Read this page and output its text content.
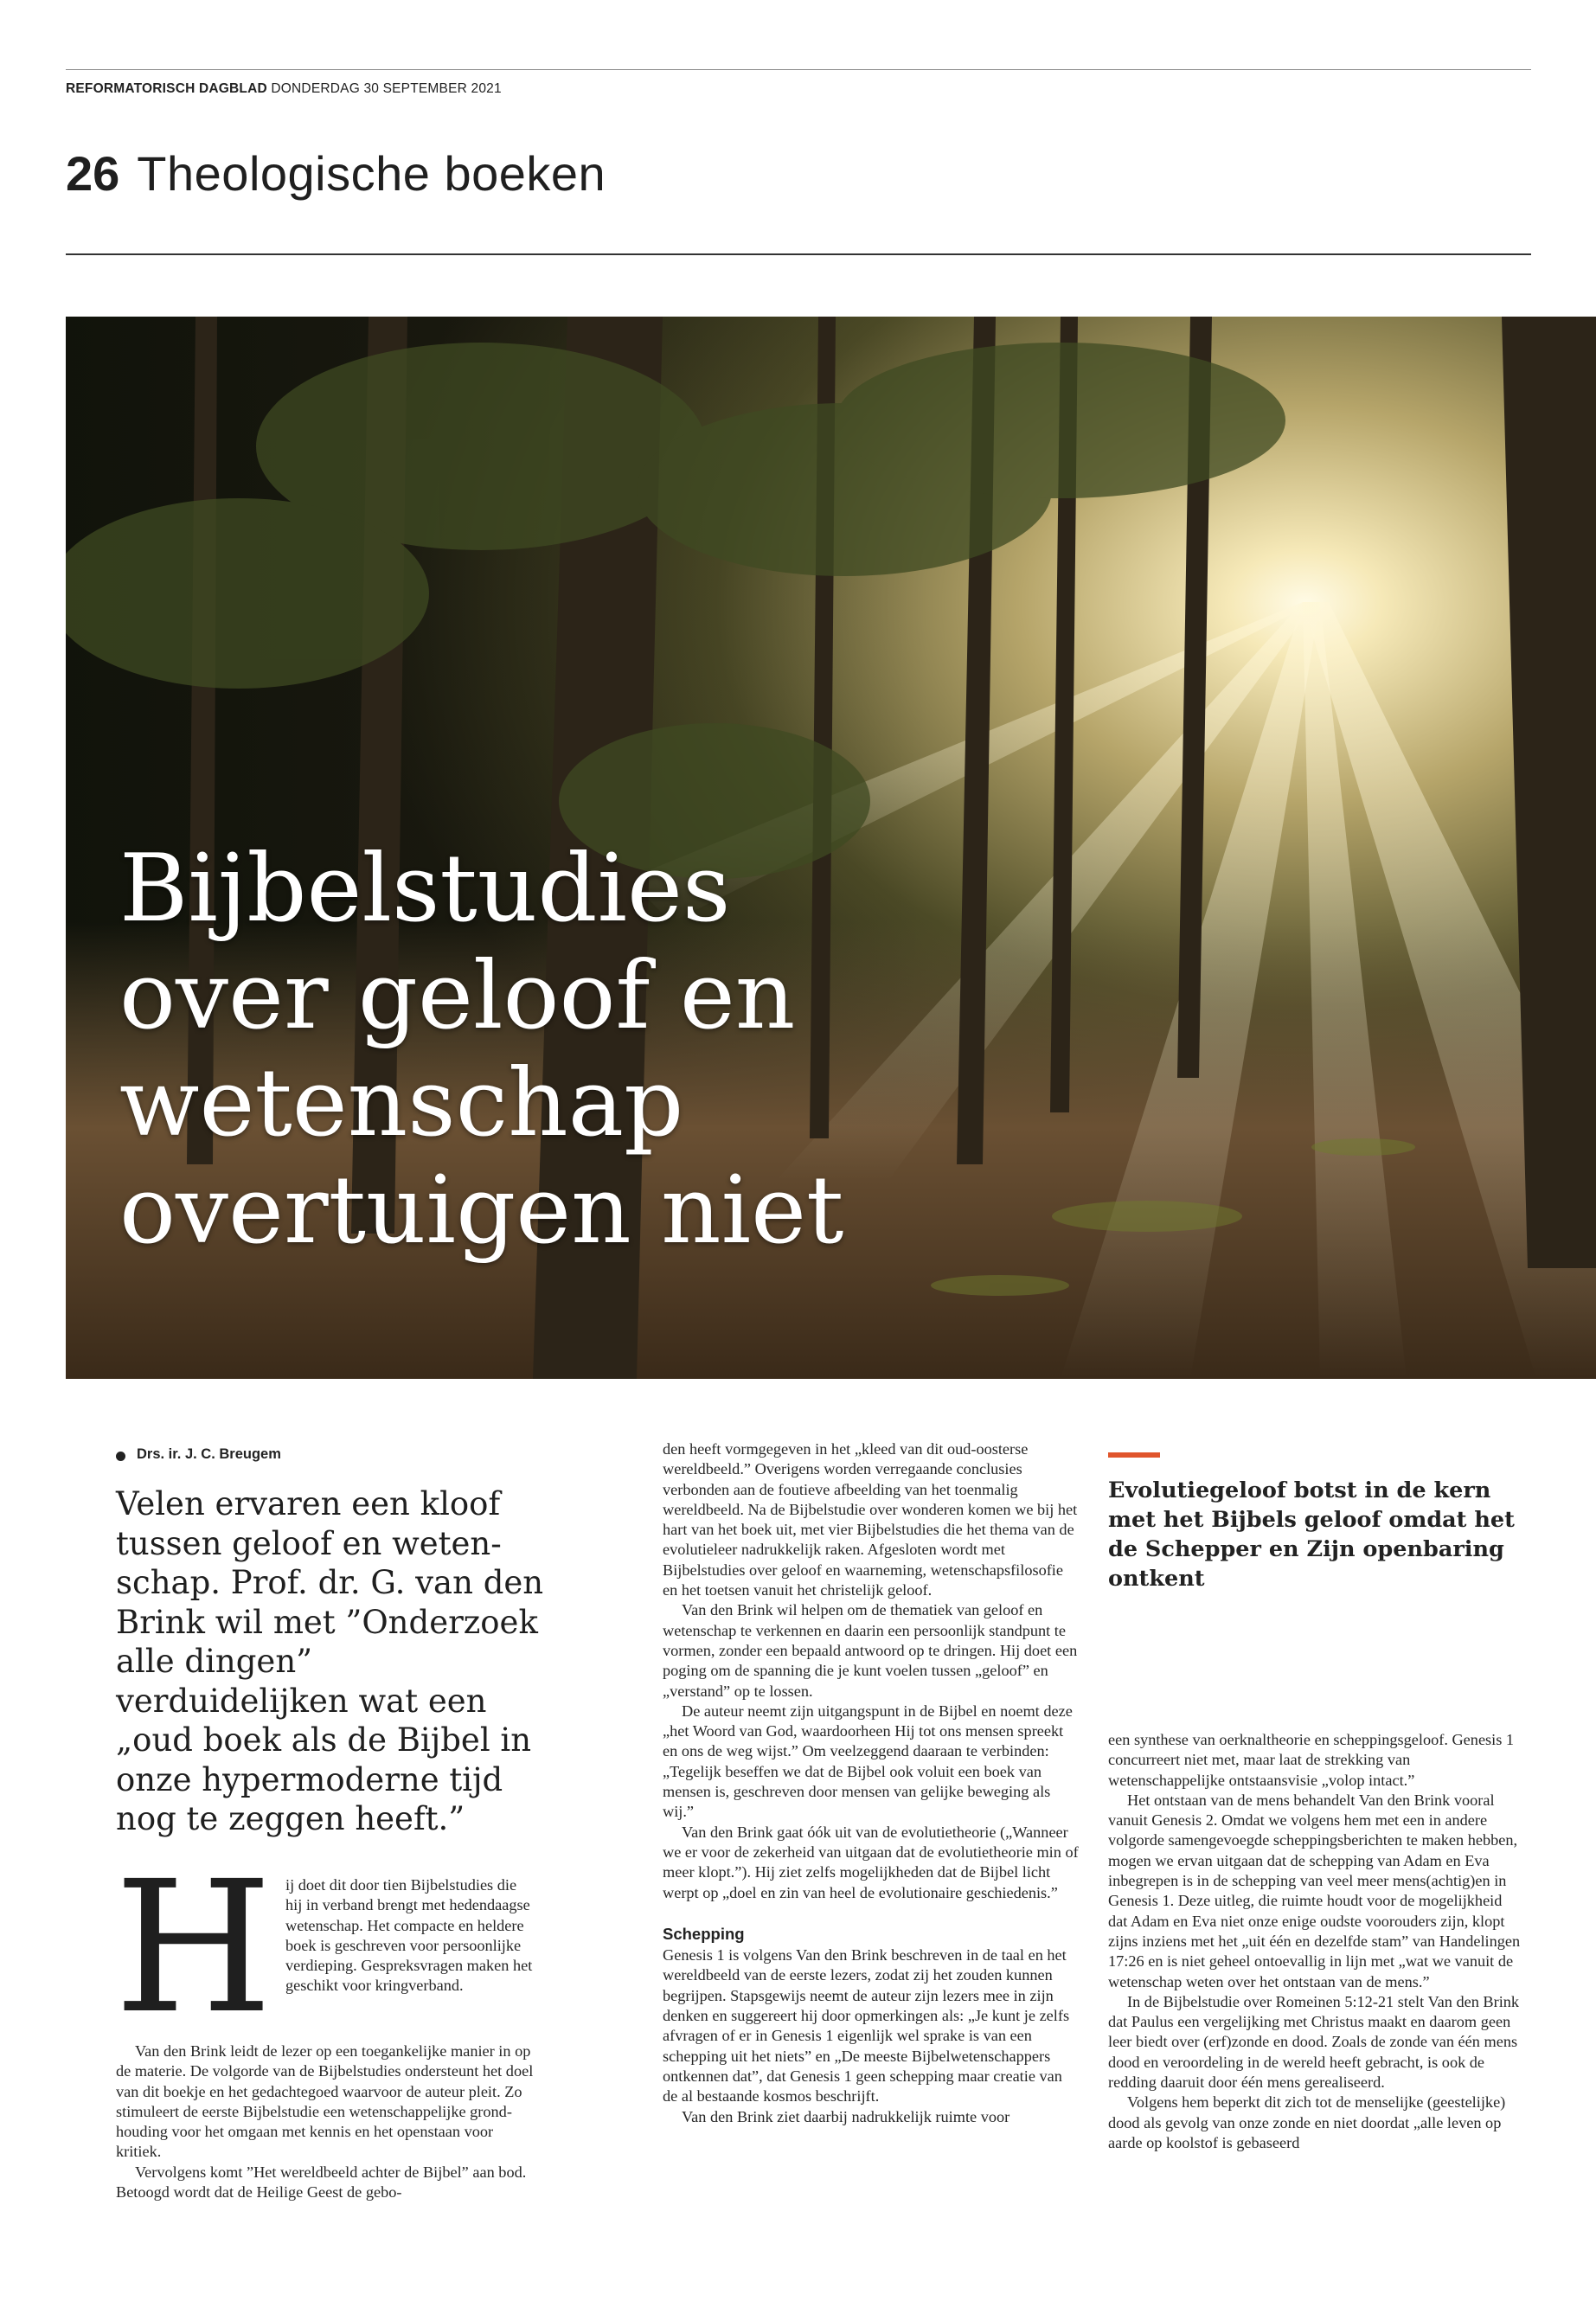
REFORMATORISCH DAGBLAD DONDERDAG 30 SEPTEMBER 2021
26 Theologische boeken
Bijbelstudies
over geloof en
wetenschap
overtuigen niet
Drs. ir. J. C. Breugem

Velen ervaren een kloof tussen geloof en wetenschap. Prof. dr. G. van den Brink wil met ”Onderzoek alle dingen” verduidelijken wat een „oud boek als de Bijbel in onze hypermoderne tijd nog te zeggen heeft.”

H ij doet dit door tien Bijbelstudies die hij in verband brengt met hedendaagse wetenschap. Het compacte en heldere boek is geschreven voor persoonlijke verdieping. Gespreksvragen maken het geschikt voor kringverband.

Van den Brink leidt de lezer op een toegankelijke manier in op de materie. De volgorde van de Bijbelstudies ondersteunt het doel van dit boekje en het gedachtegoed waarvoor de auteur pleit. Zo stimuleert de eerste Bijbelstudie een wetenschappelijke grondhouding voor het omgaan met kennis en het openstaan voor kritiek.

Vervolgens komt ”Het wereldbeeld achter de Bijbel” aan bod. Betoogd wordt dat de Heilige Geest de gebo-

den heeft vormgegeven in het „kleed van dit oud-oosterse wereldbeeld.” Overigens worden verregaande conclusies verbonden aan de foutieve afbeelding van het toenmalig wereldbeeld. Na de Bijbelstudie over wonderen komen we bij het hart van het boek uit, met vier Bijbelstudies die het thema van de evolutieleer nadrukkelijk raken. Afgesloten wordt met Bijbelstudies over geloof en waarneming, wetenschapsfilosofie en het toetsen vanuit het christelijk geloof.

Van den Brink wil helpen om de thematiek van geloof en wetenschap te verkennen en daarin een persoonlijk standpunt te vormen, zonder een bepaald antwoord op te dringen. Hij doet een poging om de spanning die je kunt voelen tussen „geloof” en „verstand” op te lossen.

De auteur neemt zijn uitgangspunt in de Bijbel en noemt deze „het Woord van God, waardoorheen Hij tot ons mensen spreekt en ons de weg wijst.” Om veelzeggend daaraan te verbinden: „Tegelijk beseffen we dat de Bijbel ook voluit een boek van mensen is, geschreven door mensen van gelijke beweging als wij.”

Van den Brink gaat óók uit van de evolutietheorie („Wanneer we er voor de zekerheid van uitgaan dat de evolutietheorie min of meer klopt.”). Hij ziet zelfs mogelijkheden dat de Bijbel licht werpt op „doel en zin van heel de evolutionaire geschiedenis.”

Schepping

Genesis 1 is volgens Van den Brink beschreven in de taal en het wereldbeeld van de eerste lezers, zodat zij het zouden kunnen begrijpen. Stapsgewijs neemt de auteur zijn lezers mee in zijn denken en suggereert hij door opmerkingen als: „Je kunt je zelfs afvragen of er in Genesis 1 eigenlijk wel sprake is van een schepping uit het niets” en „De meeste Bijbelwetenschappers ontkennen dat”, dat Genesis 1 geen schepping maar creatie van de al bestaande kosmos beschrijft.

Van den Brink ziet daarbij nadrukkelijk ruimte voor

Evolutiegeloof botst in de kern met het Bijbels geloof omdat het de Schepper en Zijn openbaring ontkent

een synthese van oerknaltheorie en scheppingsgeloof. Genesis 1 concurreert niet met, maar laat de strekking van wetenschappelijke ontstaansvisie „volop intact.”

Het ontstaan van de mens behandelt Van den Brink vooral vanuit Genesis 2. Omdat we volgens hem met een in andere volgorde samengevoegde scheppingsberichten te maken hebben, mogen we ervan uitgaan dat de schepping van Adam en Eva inbegrepen is in de schepping van veel meer mens(achtig)en in Genesis 1. Deze uitleg, die ruimte houdt voor de mogelijkheid dat Adam en Eva niet onze enige oudste voorouders zijn, klopt zijns inziens met het „uit één en dezelfde stam” van Handelingen 17:26 en is niet geheel ontoevallig in lijn met „wat we vanuit de wetenschap weten over het ontstaan van de mens.”

In de Bijbelstudie over Romeinen 5:12-21 stelt Van den Brink dat Paulus een vergelijking met Christus maakt en daarom geen leer biedt over (erf)zonde en dood. Zoals de zonde van één mens dood en veroordeling in de wereld heeft gebracht, is ook de redding daaruit door één mens gerealiseerd.

Volgens hem beperkt dit zich tot de menselijke (geestelijke) dood als gevolg van onze zonde en niet doordat „alle leven op aarde op koolstof is gebaseerd
